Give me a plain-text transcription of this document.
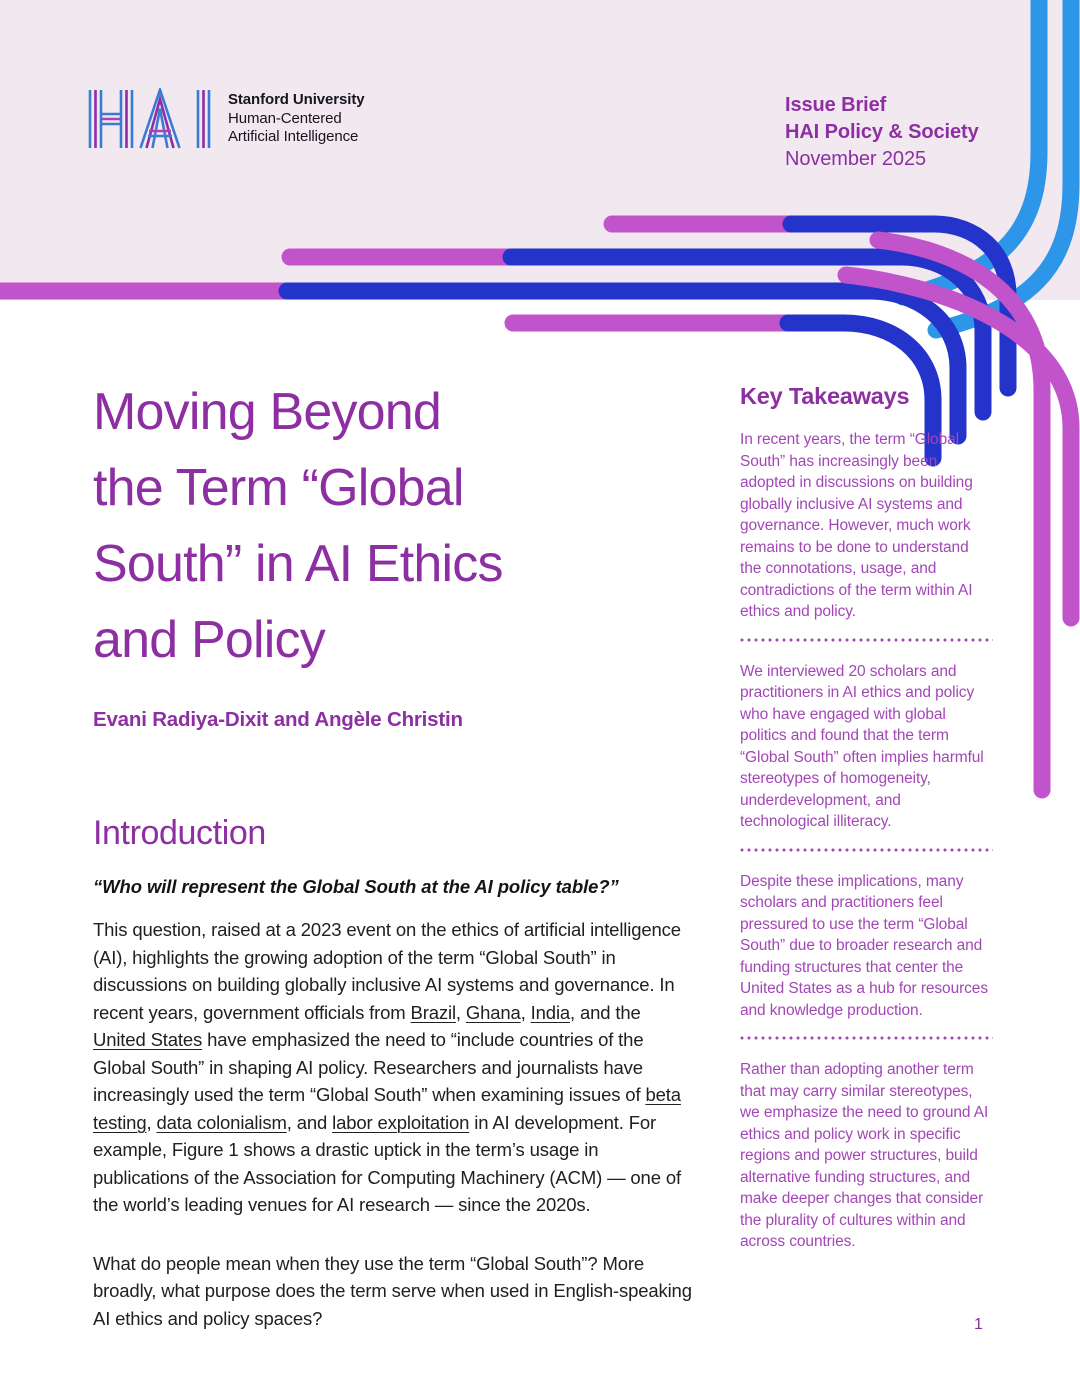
Stanford University
Human-Centered
Artificial Intelligence
Issue Brief
HAI Policy & Society
November 2025
Moving Beyond
the Term “Global
South” in AI Ethics
and Policy
Evani Radiya-Dixit and Angèle Christin
Introduction
“Who will represent the Global South at the AI policy table?”

This question, raised at a 2023 event on the ethics of artificial intelligence (AI), highlights the growing adoption of the term “Global South” in discussions on building globally inclusive AI systems and governance. In recent years, government officials from Brazil, Ghana, India, and the United States have emphasized the need to “include countries of the Global South” in shaping AI policy. Researchers and journalists have increasingly used the term “Global South” when examining issues of beta testing, data colonialism, and labor exploitation in AI development. For example, Figure 1 shows a drastic uptick in the term’s usage in publications of the Association for Computing Machinery (ACM) — one of the world’s leading venues for AI research — since the 2020s.

What do people mean when they use the term “Global South”? More broadly, what purpose does the term serve when used in English-speaking AI ethics and policy spaces?

Key Takeaways

In recent years, the term “Global South” has increasingly been adopted in discussions on building globally inclusive AI systems and governance. However, much work remains to be done to understand the connotations, usage, and contradictions of the term within AI ethics and policy.

We interviewed 20 scholars and practitioners in AI ethics and policy who have engaged with global politics and found that the term “Global South” often implies harmful stereotypes of homogeneity, underdevelopment, and technological illiteracy.

Despite these implications, many scholars and practitioners feel pressured to use the term “Global South” due to broader research and funding structures that center the United States as a hub for resources and knowledge production.

Rather than adopting another term that may carry similar stereotypes, we emphasize the need to ground AI ethics and policy work in specific regions and power structures, build alternative funding structures, and make deeper changes that consider the plurality of cultures within and across countries.

1
